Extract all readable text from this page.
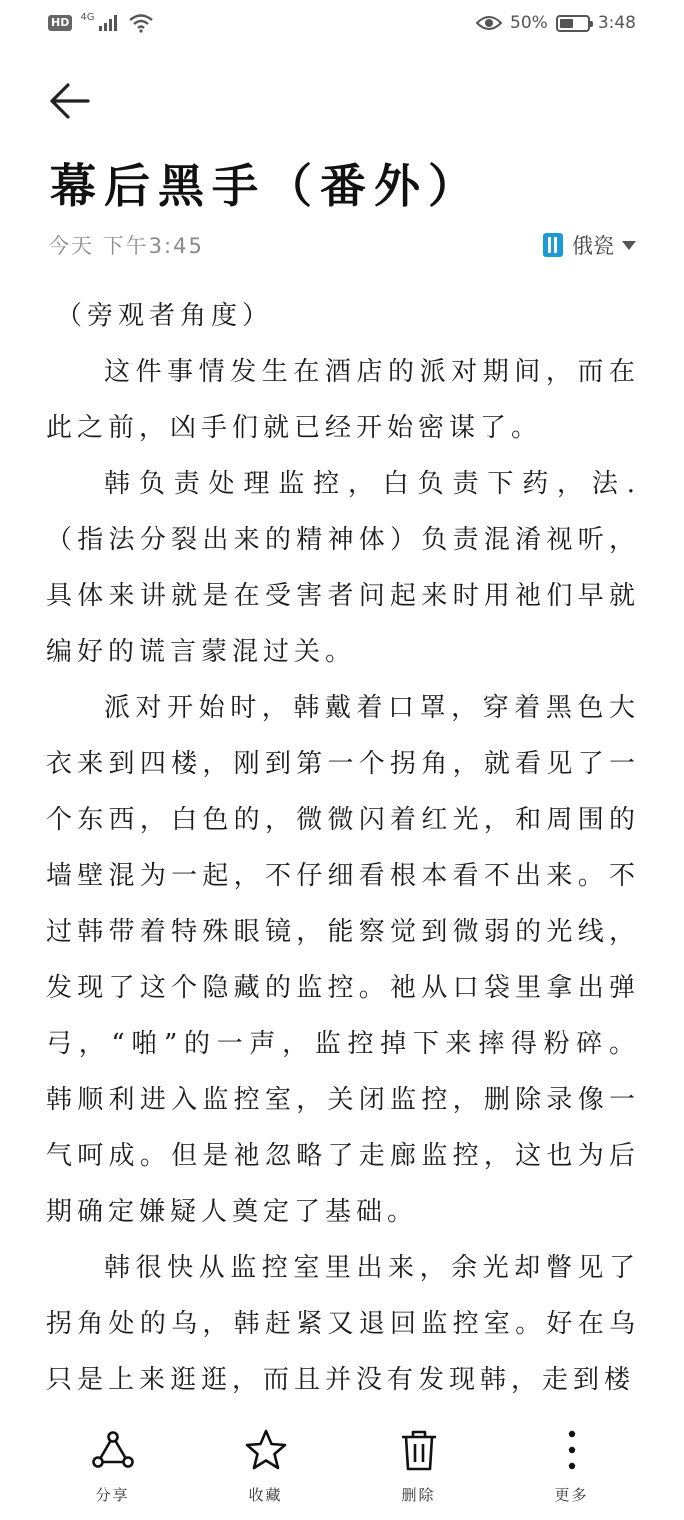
HD	4G	50%	3:48
幕后黑手（番外）
今天 下午3:45	俄瓷

（旁观者角度）

这件事情发生在酒店的派对期间，而在此之前，凶手们就已经开始密谋了。

韩负责处理监控，白负责下药，法.（指法分裂出来的精神体）负责混淆视听，具体来讲就是在受害者问起来时用祂们早就编好的谎言蒙混过关。

派对开始时，韩戴着口罩，穿着黑色大衣来到四楼，刚到第一个拐角，就看见了一个东西，白色的，微微闪着红光，和周围的墙壁混为一起，不仔细看根本看不出来。不过韩带着特殊眼镜，能察觉到微弱的光线，发现了这个隐藏的监控。祂从口袋里拿出弹弓，“啪”的一声，监控掉下来摔得粉碎。韩顺利进入监控室，关闭监控，删除录像一气呵成。但是祂忽略了走廊监控，这也为后期确定嫌疑人奠定了基础。

韩很快从监控室里出来，余光却瞥见了拐角处的乌，韩赶紧又退回监控室。好在乌只是上来逛逛，而且并没有发现韩，走到楼

分享	收藏	删除	更多
